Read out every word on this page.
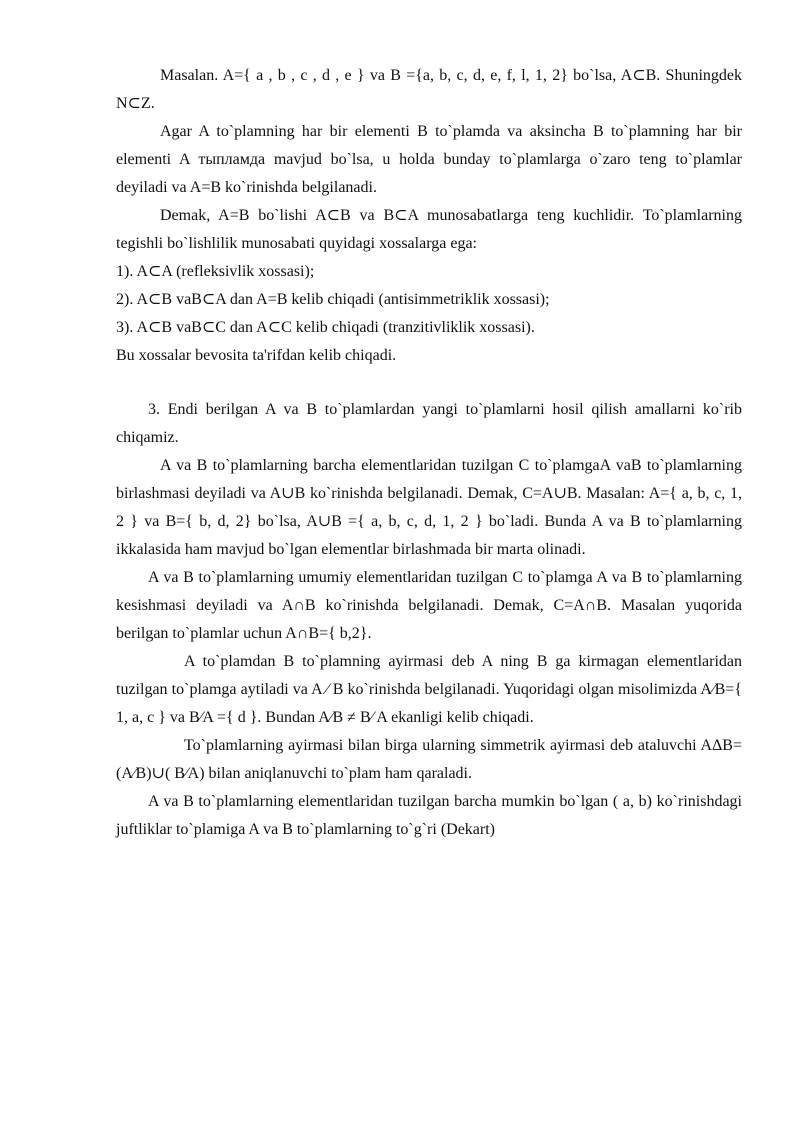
Masalan. A={ a , b , c , d , e } va B ={a, b, c, d, e, f, l, 1, 2} bo`lsa, A⊂B. Shuningdek N⊂Z.

Agar A to`plamning har bir elementi B to`plamda va aksincha B to`plamning har bir elementi A тыпламда mavjud bo`lsa, u holda bunday to`plamlarga o`zaro teng to`plamlar deyiladi va A=B ko`rinishda belgilanadi.

Demak, A=B bo`lishi A⊂B va B⊂A munosabatlarga teng kuchlidir. To`plamlarning tegishli bo`lishlilik munosabati quyidagi xossalarga ega:

1). A⊂A (refleksivlik xossasi);

2). A⊂B vaB⊂A dan A=B kelib chiqadi (antisimmetriklik xossasi);

3). A⊂B vaB⊂C dan A⊂C kelib chiqadi (tranzitivliklik xossasi).

Bu xossalar bevosita ta'rifdan kelib chiqadi.

3. Endi berilgan A va B to`plamlardan yangi to`plamlarni hosil qilish amallarni ko`rib chiqamiz.

A va B to`plamlarning barcha elementlaridan tuzilgan C to`plamgaA vaB to`plamlarning birlashmasi deyiladi va A∪B ko`rinishda belgilanadi. Demak, C=A∪B. Masalan: A={ a, b, c, 1, 2 } va B={ b, d, 2} bo`lsa, A∪B ={ a, b, c, d, 1, 2 } bo`ladi. Bunda A va B to`plamlarning ikkalasida ham mavjud bo`lgan elementlar birlashmada bir marta olinadi.

A va B to`plamlarning umumiy elementlaridan tuzilgan C to`plamga A va B to`plamlarning kesishmasi deyiladi va A∩B ko`rinishda belgilanadi. Demak, C=A∩B. Masalan yuqorida berilgan to`plamlar uchun A∩B={ b,2}.

A to`plamdan B to`plamning ayirmasi deb A ning B ga kirmagan elementlaridan tuzilgan to`plamga aytiladi va A ∕ B ko`rinishda belgilanadi. Yuqoridagi olgan misolimizda A∕B={ 1, a, c } va B∕A ={ d }. Bundan A∕B ≠ B∕ A ekanligi kelib chiqadi.

To`plamlarning ayirmasi bilan birga ularning simmetrik ayirmasi deb ataluvchi AΔB= (A∕B)∪( B∕A) bilan aniqlanuvchi to`plam ham qaraladi.

A va B to`plamlarning elementlaridan tuzilgan barcha mumkin bo`lgan ( a, b) ko`rinishdagi juftliklar to`plamiga A va B to`plamlarning to`g`ri (Dekart)
